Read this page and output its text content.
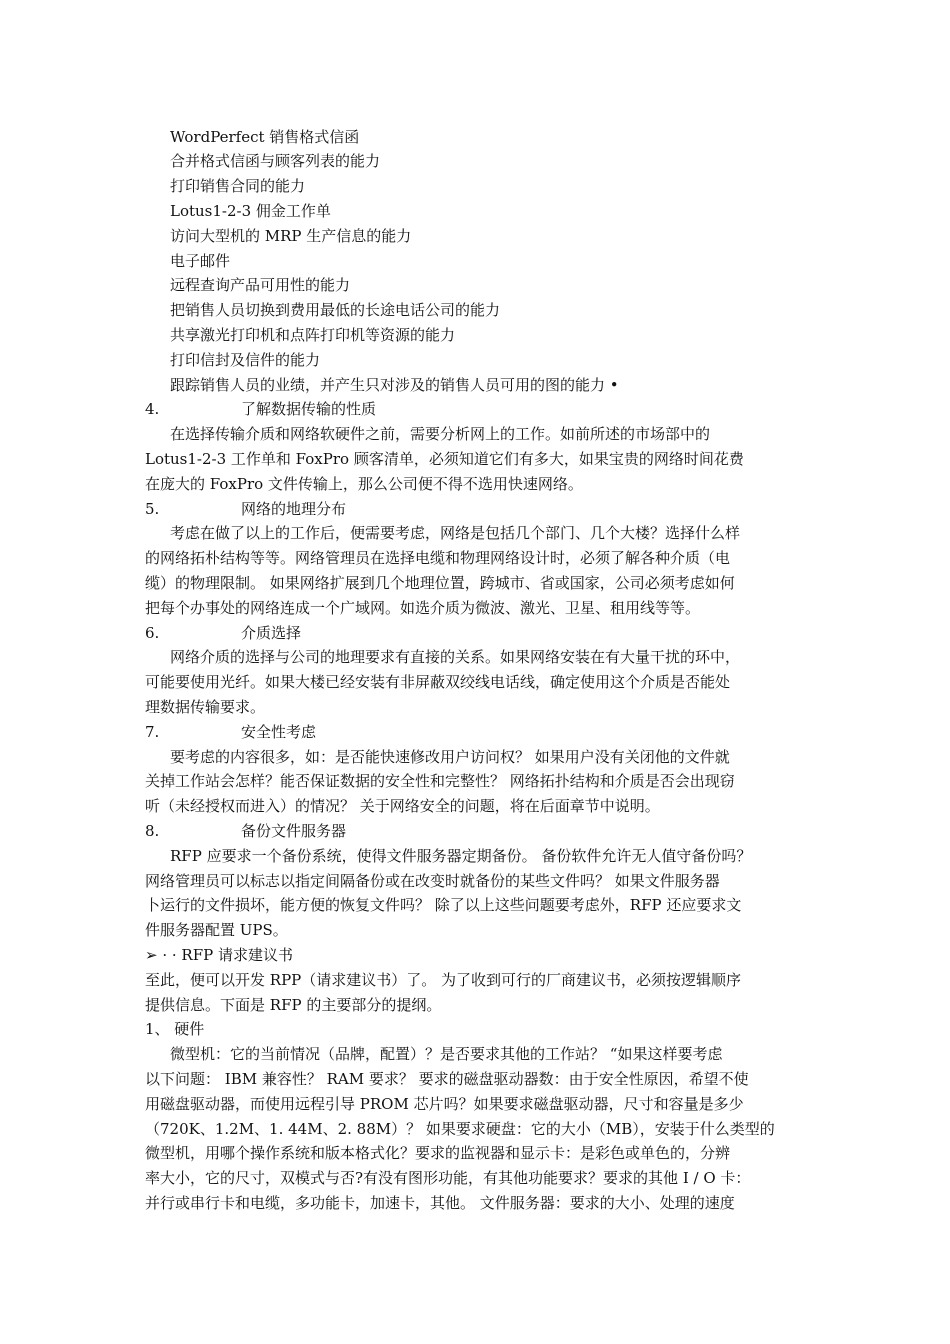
WordPerfect 销售格式信函
合并格式信函与顾客列表的能力
打印销售合同的能力
Lotus1-2-3 佣金工作单
访问大型机的 MRP 生产信息的能力
电子邮件
远程查询产品可用性的能力
把销售人员切换到费用最低的长途电话公司的能力
共享激光打印机和点阵打印机等资源的能力
打印信封及信件的能力
跟踪销售人员的业绩，并产生只对涉及的销售人员可用的图的能力 •
4.	了解数据传输的性质
在选择传输介质和网络软硬件之前，需要分析网上的工作。如前所述的市场部中的
Lotus1-2-3 工作单和 FoxPro 顾客清单，必须知道它们有多大，如果宝贵的网络时间花费
在庞大的 FoxPro 文件传输上，那么公司便不得不选用快速网络。
5.	网络的地理分布
考虑在做了以上的工作后，便需要考虑，网络是包括几个部门、几个大楼？选择什么样
的网络拓朴结构等等。网络管理员在选择电缆和物理网络设计时，必须了解各种介质（电
缆）的物理限制。 如果网络扩展到几个地理位置，跨城市、省或国家，公司必须考虑如何
把每个办事处的网络连成一个广域网。如选介质为微波、激光、卫星、租用线等等。
6.	介质选择
网络介质的选择与公司的地理要求有直接的关系。如果网络安装在有大量干扰的环中，
可能要使用光纤。如果大楼已经安装有非屏蔽双绞线电话线，确定使用这个介质是否能处
理数据传输要求。
7.	安全性考虑
要考虑的内容很多，如：是否能快速修改用户访问权？ 如果用户没有关闭他的文件就
关掉工作站会怎样？能否保证数据的安全性和完整性？ 网络拓扑结构和介质是否会出现窃
听（未经授权而进入）的情况？ 关于网络安全的问题，将在后面章节中说明。
8.	备份文件服务器
RFP 应要求一个备份系统，使得文件服务器定期备份。 备份软件允许无人值守备份吗？
网络管理员可以标志以指定间隔备份或在改变时就备份的某些文件吗？ 如果文件服务器
卜运行的文件损坏，能方便的恢复文件吗？ 除了以上这些问题要考虑外，RFP 还应要求文
件服务器配置 UPS。
➢ · · RFP 请求建议书
至此，便可以开发 RPP（请求建议书）了。 为了收到可行的厂商建议书，必须按逻辑顺序
提供信息。下面是 RFP 的主要部分的提纲。
1、 硬件
微型机：它的当前情况（品牌，配置）？是否要求其他的工作站？ “如果这样要考虑
以下问题： IBM 兼容性？ RAM 要求？ 要求的磁盘驱动器数：由于安全性原因，希望不使
用磁盘驱动器，而使用远程引导 PROM 芯片吗？如果要求磁盘驱动器，尺寸和容量是多少
（720K、1.2M、1. 44M、2. 88M）？ 如果要求硬盘：它的大小（MB），安装于什么类型的
微型机，用哪个操作系统和版本格式化？要求的监视器和显示卡：是彩色或单色的，分辨
率大小，它的尺寸，双模式与否?有没有图形功能，有其他功能要求？要求的其他 I / O 卡：
并行或串行卡和电缆，多功能卡，加速卡，其他。 文件服务器：要求的大小、处理的速度
